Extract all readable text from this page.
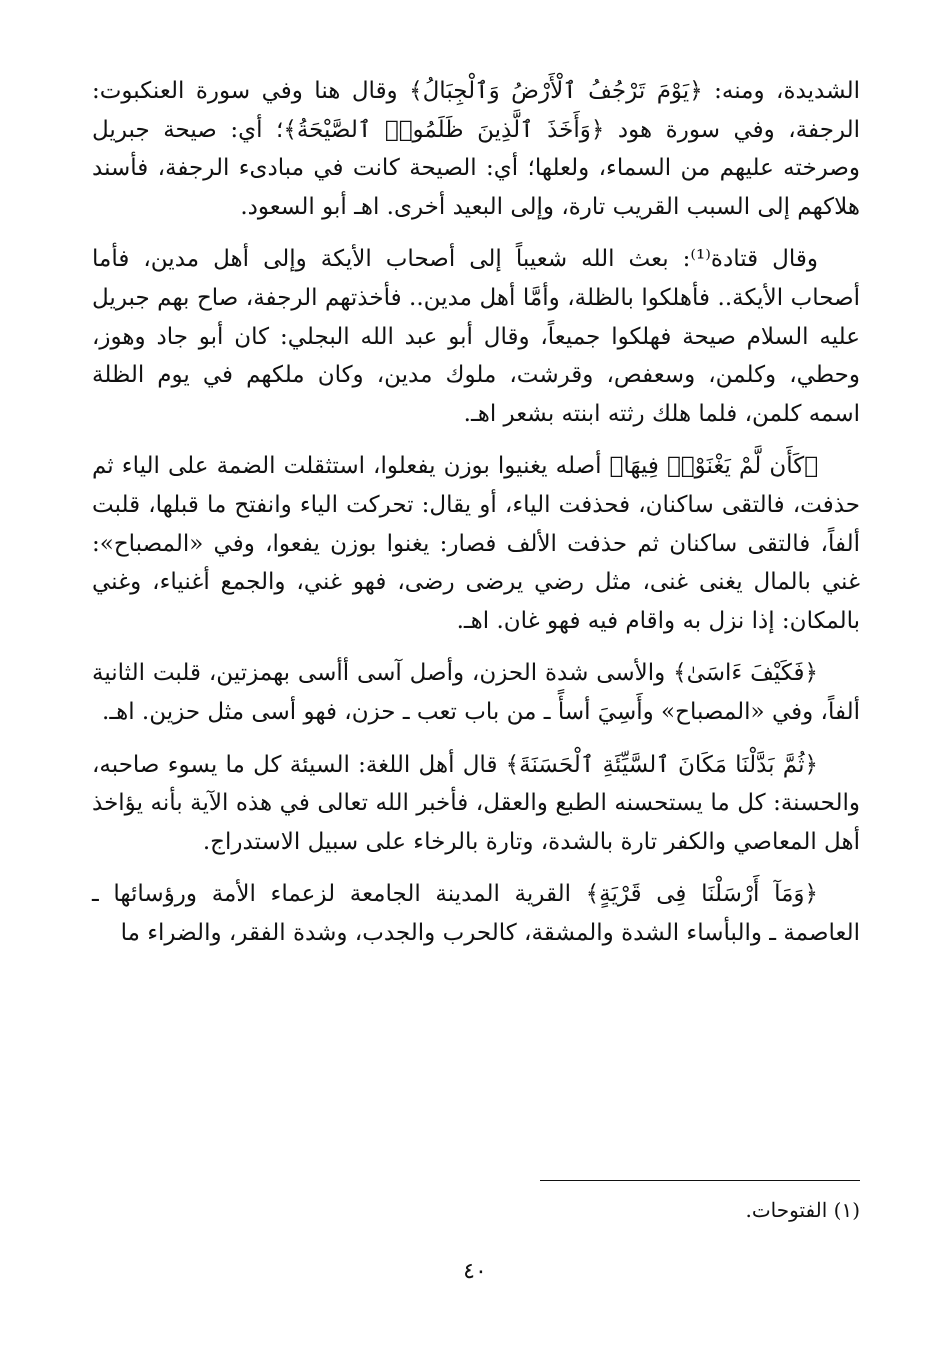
الشديدة، ومنه: ﴿يَوْمَ تَرْجُفُ ٱلْأَرْضُ وَٱلْجِبَالُ﴾ وقال هنا وفي سورة العنكبوت: الرجفة، وفي سورة هود ﴿وَأَخَذَ ٱلَّذِينَ ظَلَمُوا۟ ٱلصَّيْحَةُ﴾؛ أي: صيحة جبريل وصرخته عليهم من السماء، ولعلها؛ أي: الصيحة كانت في مبادىء الرجفة، فأسند هلاكهم إلى السبب القريب تارة، وإلى البعيد أخرى. اهـ أبو السعود.

وقال قتادة⁽¹⁾: بعث الله شعيباً إلى أصحاب الأيكة وإلى أهل مدين، فأما أصحاب الأيكة.. فأهلكوا بالظلة، وأمَّا أهل مدين.. فأخذتهم الرجفة، صاح بهم جبريل عليه السلام صيحة فهلكوا جميعاً، وقال أبو عبد الله البجلي: كان أبو جاد وهوز، وحطي، وكلمن، وسعفص، وقرشت، ملوك مدين، وكان ملكهم في يوم الظلة اسمه كلمن، فلما هلك رثته ابنته بشعر اهـ.

﴿كَأَن لَّمْ يَغْنَوْا۟ فِيهَا﴾ أصله يغنيوا بوزن يفعلوا، استثقلت الضمة على الياء ثم حذفت، فالتقى ساكنان، فحذفت الياء، أو يقال: تحركت الياء وانفتح ما قبلها، قلبت ألفاً، فالتقى ساكنان ثم حذفت الألف فصار: يغنوا بوزن يفعوا، وفي «المصباح»: غني بالمال يغنى غنى، مثل رضي يرضى رضى، فهو غني، والجمع أغنياء، وغني بالمكان: إذا نزل به واقام فيه فهو غان. اهـ.

﴿فَكَيْفَ ءَاسَىٰ﴾ والأسى شدة الحزن، وأصل آسى أأسى بهمزتين، قلبت الثانية ألفاً، وفي «المصباح» وأَسِيَ أسأً ـ من باب تعب ـ حزن، فهو أسى مثل حزين. اهـ.

﴿ثُمَّ بَدَّلْنَا مَكَانَ ٱلسَّيِّئَةِ ٱلْحَسَنَةَ﴾ قال أهل اللغة: السيئة كل ما يسوء صاحبه، والحسنة: كل ما يستحسنه الطبع والعقل، فأخبر الله تعالى في هذه الآية بأنه يؤاخذ أهل المعاصي والكفر تارة بالشدة، وتارة بالرخاء على سبيل الاستدراج.

﴿وَمَآ أَرْسَلْنَا فِى قَرْيَةٍ﴾ القرية المدينة الجامعة لزعماء الأمة ورؤسائها ـ العاصمة ـ والبأساء الشدة والمشقة، كالحرب والجدب، وشدة الفقر، والضراء ما

(١) الفتوحات.
٤٠
